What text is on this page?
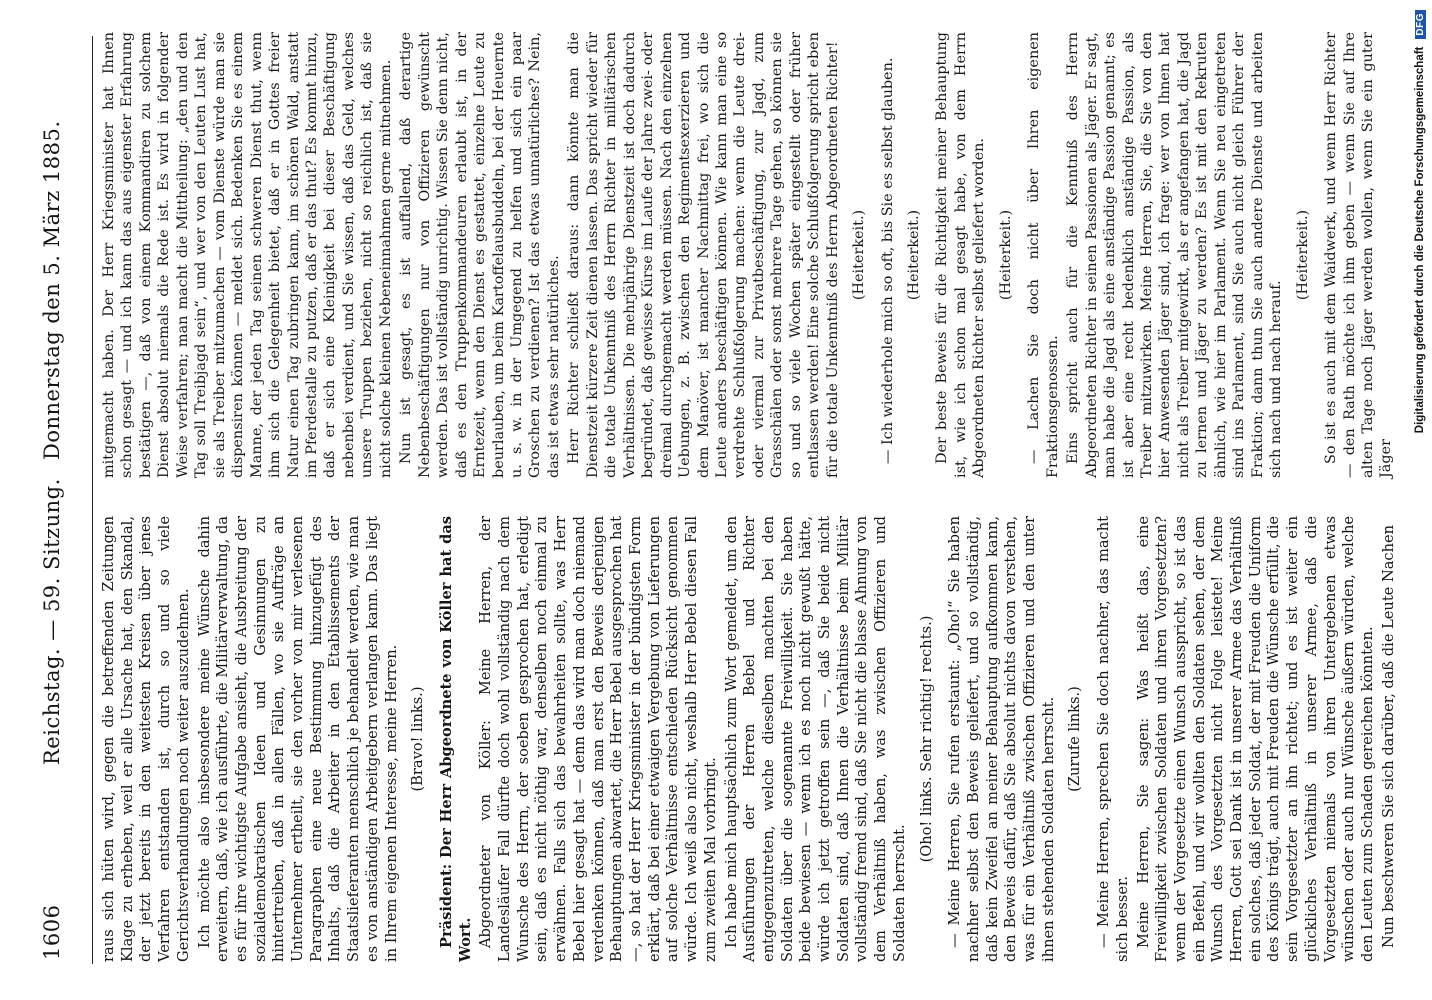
1606
Reichstag. — 59. Sitzung.
Donnerstag den 5. März 1885.

raus sich hüten wird, gegen die betreffenden Zeitungen Klage zu erheben, weil er alle Ursache hat, den Skandal, der jetzt bereits in den weitesten Kreisen über jenes Verfahren entstanden ist, durch so und so viele Gerichtsverhandlungen noch weiter auszudehnen. Ich möchte also insbesondere meine Wünsche dahin erweitern, daß, wie ich ausführte, die Militärverwaltung, da es für ihre wichtigste Aufgabe ansieht, die Ausbreitung der sozialdemokratischen Ideen und Gesinnungen zu hintertreiben, daß in allen Fällen, wo sie Aufträge an Unternehmer ertheilt, sie den vorher von mir verlesenen Paragraphen eine neue Bestimmung hinzugefügt des Inhalts, daß die Arbeiter in den Etablissements der Staatslieferanten menschlich je behandelt werden, wie man es von anständigen Arbeitgebern verlangen kann. Das liegt in Ihrem eigenen Interesse, meine Herren. (Bravo! links.) Präsident: Der Herr Abgeordnete von Köller hat das Wort. Abgeordneter von Köller: Meine Herren, der Landesläufer Fall dürfte doch wohl vollständig nach dem Wunsche des Herrn, der soeben gesprochen hat, erledigt sein, daß es nicht nöthig war, denselben noch einmal zu erwähnen. Falls sich das bewahrheiten sollte, was Herr Bebel hier gesagt hat — denn das wird man doch niemand verdenken können, daß man erst den Beweis derjenigen Behauptungen abwartet, die Herr Bebel ausgesprochen hat —, so hat der Herr Kriegsminister in der bündigsten Form erklärt, daß bei einer etwaigen Vergebung von Lieferungen auf solche Verhältnisse entschieden Rücksicht genommen würde. Ich weiß also nicht, weshalb Herr Bebel diesen Fall zum zweiten Mal vorbringt. Ich habe mich hauptsächlich zum Wort gemeldet, um den Ausführungen der Herren Bebel und Richter entgegenzutreten, welche dieselben machten bei den Soldaten über die sogenannte Freiwilligkeit. Sie haben beide bewiesen — wenn ich es noch nicht gewußt hätte, würde ich jetzt getroffen sein —, daß Sie beide nicht Soldaten sind, daß Ihnen die Verhältnisse beim Militär vollständig fremd sind, daß Sie nicht die blasse Ahnung von dem Verhältniß haben, was zwischen Offizieren und Soldaten herrscht.

(Oho! links. Sehr richtig! rechts.) — Meine Herren, Sie rufen erstaunt: „Oho!“ Sie haben nachher selbst den Beweis geliefert, und so vollständig, daß kein Zweifel an meiner Behauptung aufkommen kann, den Beweis dafür, daß Sie absolut nichts davon verstehen, was für ein Verhältniß zwischen Offizieren und den unter ihnen stehenden Soldaten herrscht. (Zurufe links.) — Meine Herren, sprechen Sie doch nachher, das macht sich besser. Meine Herren, Sie sagen: Was heißt das, eine Freiwilligkeit zwischen Soldaten und ihren Vorgesetzten? wenn der Vorgesetzte einen Wunsch ausspricht, so ist das ein Befehl, und wir wollten den Soldaten sehen, der dem Wunsch des Vorgesetzten nicht Folge leistete! Meine Herren, Gott sei Dank ist in unserer Armee das Verhältniß ein solches, daß jeder Soldat, der mit Freuden die Uniform des Königs trägt, auch mit Freuden die Wünsche erfüllt, die sein Vorgesetzter an ihn richtet; und es ist weiter ein glückliches Verhältniß in unserer Armee, daß die Vorgesetzten niemals von ihren Untergebenen etwas wünschen oder auch nur Wünsche äußern würden, welche den Leuten zum Schaden gereichen könnten. Nun beschweren Sie sich darüber, daß die Leute Nachen

mitgemacht haben. Der Herr Kriegsminister hat Ihnen schon gesagt — und ich kann das aus eigenster Erfahrung bestätigen —, daß von einem Kommandiren zu solchem Dienst absolut niemals die Rede ist. Es wird in folgender Weise verfahren; man macht die Mittheilung: „den und den Tag soll Treibjagd sein“, und wer von den Leuten Lust hat, sie als Treiber mitzumachen — vom Dienste würde man sie dispensiren können — meldet sich. Bedenken Sie es einem Manne, der jeden Tag seinen schweren Dienst thut, wenn ihm sich die Gelegenheit bietet, daß er in Gottes freier Natur einen Tag zubringen kann, im schönen Wald, anstatt im Pferdestalle zu putzen, daß er das thut? Es kommt hinzu, daß er sich eine Kleinigkeit bei dieser Beschäftigung nebenbei verdient, und Sie wissen, daß das Geld, welches unsere Truppen beziehen, nicht so reichlich ist, daß sie nicht solche kleinen Nebeneinnahmen gerne mitnehmen. Nun ist gesagt, es ist auffallend, daß derartige Nebenbeschäftigungen nur von Offizieren gewünscht werden. Das ist vollständig unrichtig. Wissen Sie denn nicht, daß es den Truppenkommandeuren erlaubt ist, in der Erntezeit, wenn den Dienst es gestattet, einzelne Leute zu beurlauben, um beim Kartoffelausbuddeln, bei der Heuernte u. s. w. in der Umgegend zu helfen und sich ein paar Groschen zu verdienen? Ist das etwas unnatürliches? Nein, das ist etwas sehr natürliches. Herr Richter schließt daraus: dann könnte man die Dienstzeit kürzere Zeit dienen lassen. Das spricht wieder für die totale Unkenntniß des Herrn Richter in militärischen Verhältnissen. Die mehrjährige Dienstzeit ist doch dadurch begründet, daß gewisse Kürse im Laufe der Jahre zwei- oder dreimal durchgemacht werden müssen. Nach den einzelnen Uebungen, z. B. zwischen den Regimentsexerzieren und dem Manöver, ist mancher Nachmittag frei, wo sich die Leute anders beschäftigen können. Wie kann man eine so verdrehte Schlußfolgerung machen: wenn die Leute drei- oder viermal zur Privatbeschäftigung, zur Jagd, zum Grasschälen oder sonst mehrere Tage gehen, so können sie so und so viele Wochen später eingestellt oder früher entlassen werden! Eine solche Schlußfolgerung spricht eben für die totale Unkenntniß des Herrn Abgeordneten Richter! (Heiterkeit.) — Ich wiederhole mich so oft, bis Sie es selbst glauben. (Heiterkeit.) Der beste Beweis für die Richtigkeit meiner Behauptung ist, wie ich schon mal gesagt habe, von dem Herrn Abgeordneten Richter selbst geliefert worden. (Heiterkeit.) — Lachen Sie doch nicht über Ihren eigenen Fraktionsgenossen. Eins spricht auch für die Kenntniß des Herrn Abgeordneten Richter in seinen Passionen als Jäger. Er sagt, man habe die Jagd als eine anständige Passion genannt; es ist aber eine recht bedenklich anständige Passion, als Treiber mitzuwirken. Meine Herren, Sie, die Sie von den hier Anwesenden Jäger sind, ich frage: wer von Ihnen hat nicht als Treiber mitgewirkt, als er angefangen hat, die Jagd zu lernen und Jäger zu werden? Es ist mit den Rekruten ähnlich, wie hier im Parlament. Wenn Sie neu eingetreten sind ins Parlament, sind Sie auch nicht gleich Führer der Fraktion; dann thun Sie auch andere Dienste und arbeiten sich nach und nach herauf.

(Heiterkeit.) So ist es auch mit dem Waidwerk, und wenn Herr Richter — den Rath möchte ich ihm geben — wenn Sie auf Ihre alten Tage noch Jäger werden wollen, wenn Sie ein guter Jäger

Digitalisierung gefördert durch die Deutsche Forschungsgemeinschaft
DFG
